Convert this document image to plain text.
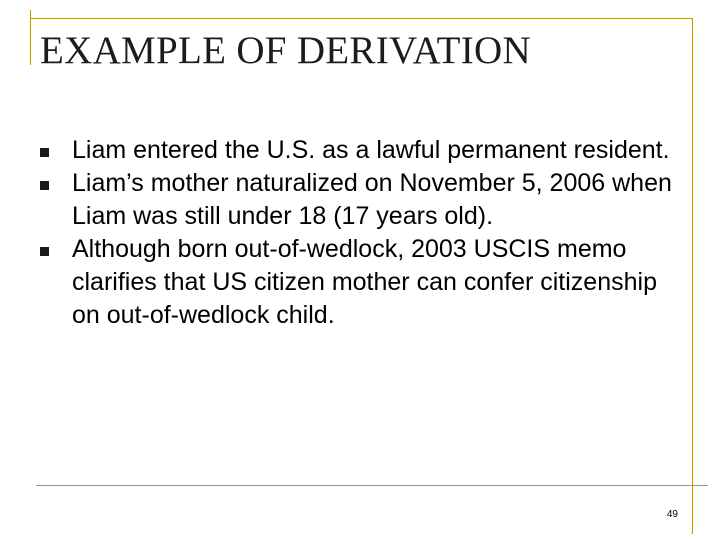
EXAMPLE OF DERIVATION
Liam entered the U.S. as a lawful permanent resident.
Liam’s mother naturalized on November 5, 2006 when Liam was still under 18 (17 years old).
Although born out-of-wedlock, 2003 USCIS memo clarifies that US citizen mother can confer citizenship on out-of-wedlock child.
49
